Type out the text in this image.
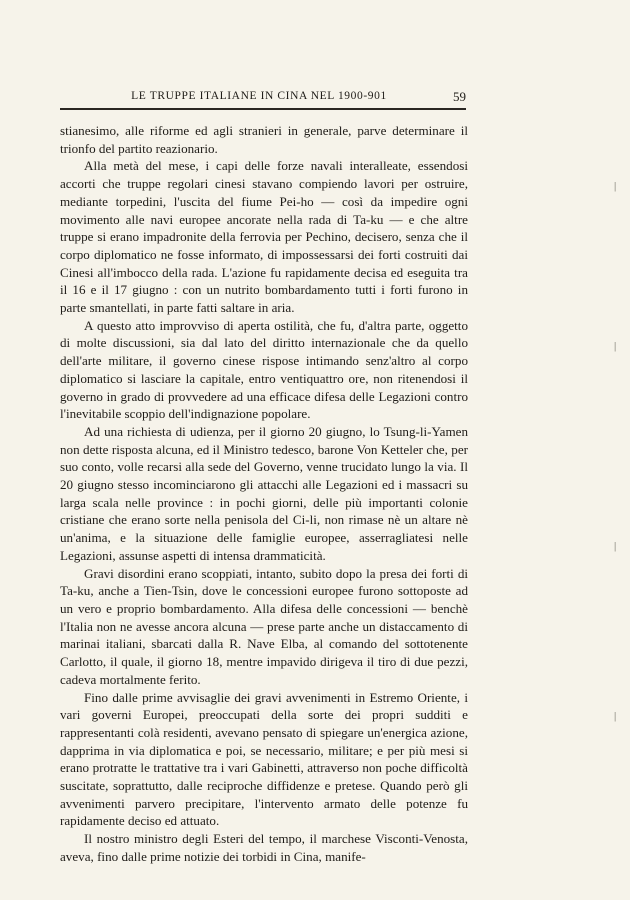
LE TRUPPE ITALIANE IN CINA NEL 1900-901	59

stianesimo, alle riforme ed agli stranieri in generale, parve determinare il trionfo del partito reazionario.

Alla metà del mese, i capi delle forze navali interalleate, essendosi accorti che truppe regolari cinesi stavano compiendo lavori per ostruire, mediante torpedini, l'uscita del fiume Pei-ho — così da impedire ogni movimento alle navi europee ancorate nella rada di Ta-ku — e che altre truppe si erano impadronite della ferrovia per Pechino, decisero, senza che il corpo diplomatico ne fosse informato, di impossessarsi dei forti costruiti dai Cinesi all'imbocco della rada. L'azione fu rapidamente decisa ed eseguita tra il 16 e il 17 giugno : con un nutrito bombardamento tutti i forti furono in parte smantellati, in parte fatti saltare in aria.

A questo atto improvviso di aperta ostilità, che fu, d'altra parte, oggetto di molte discussioni, sia dal lato del diritto internazionale che da quello dell'arte militare, il governo cinese rispose intimando senz'altro al corpo diplomatico si lasciare la capitale, entro ventiquattro ore, non ritenendosi il governo in grado di provvedere ad una efficace difesa delle Legazioni contro l'inevitabile scoppio dell'indignazione popolare.

Ad una richiesta di udienza, per il giorno 20 giugno, lo Tsung-li-Yamen non dette risposta alcuna, ed il Ministro tedesco, barone Von Ketteler che, per suo conto, volle recarsi alla sede del Governo, venne trucidato lungo la via. Il 20 giugno stesso incominciarono gli attacchi alle Legazioni ed i massacri su larga scala nelle province : in pochi giorni, delle più importanti colonie cristiane che erano sorte nella penisola del Ci-li, non rimase nè un altare nè un'anima, e la situazione delle famiglie europee, asserragliatesi nelle Legazioni, assunse aspetti di intensa drammaticità.

Gravi disordini erano scoppiati, intanto, subito dopo la presa dei forti di Ta-ku, anche a Tien-Tsin, dove le concessioni europee furono sottoposte ad un vero e proprio bombardamento. Alla difesa delle concessioni — benchè l'Italia non ne avesse ancora alcuna — prese parte anche un distaccamento di marinai italiani, sbarcati dalla R. Nave Elba, al comando del sottotenente Carlotto, il quale, il giorno 18, mentre impavido dirigeva il tiro di due pezzi, cadeva mortalmente ferito.

Fino dalle prime avvisaglie dei gravi avvenimenti in Estremo Oriente, i vari governi Europei, preoccupati della sorte dei propri sudditi e rappresentanti colà residenti, avevano pensato di spiegare un'energica azione, dapprima in via diplomatica e poi, se necessario, militare; e per più mesi si erano protratte le trattative tra i vari Gabinetti, attraverso non poche difficoltà suscitate, soprattutto, dalle reciproche diffidenze e pretese. Quando però gli avvenimenti parvero precipitare, l'intervento armato delle potenze fu rapidamente deciso ed attuato.

Il nostro ministro degli Esteri del tempo, il marchese Visconti-Venosta, aveva, fino dalle prime notizie dei torbidi in Cina, manife-

|
|
|
|
